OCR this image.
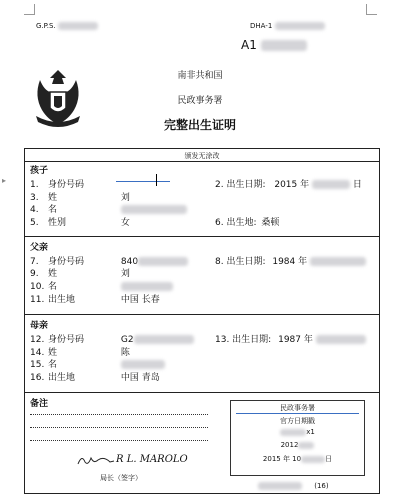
▸
G.P.S.	DHA-1
A1
南非共和国
民政事务署
完整出生证明
颁发无涂改
孩子
1. 身份号码	2. 出生日期: 2015 年	日
3. 姓	刘
4. 名
5. 性别	女	6. 出生地: 桑顿
父亲
7. 身份号码	840	8. 出生日期: 1984 年
9. 姓	刘
10. 名
11. 出生地	中国 长春
母亲
12. 身份号码	G2	13. 出生日期: 1987 年
14. 姓	陈
15. 名
16. 出生地	中国 青岛
备注
R L. MAROLO
局长（签字）
民政事务署
官方日期戳
x1
2012
2015 年 10	日
(16)
